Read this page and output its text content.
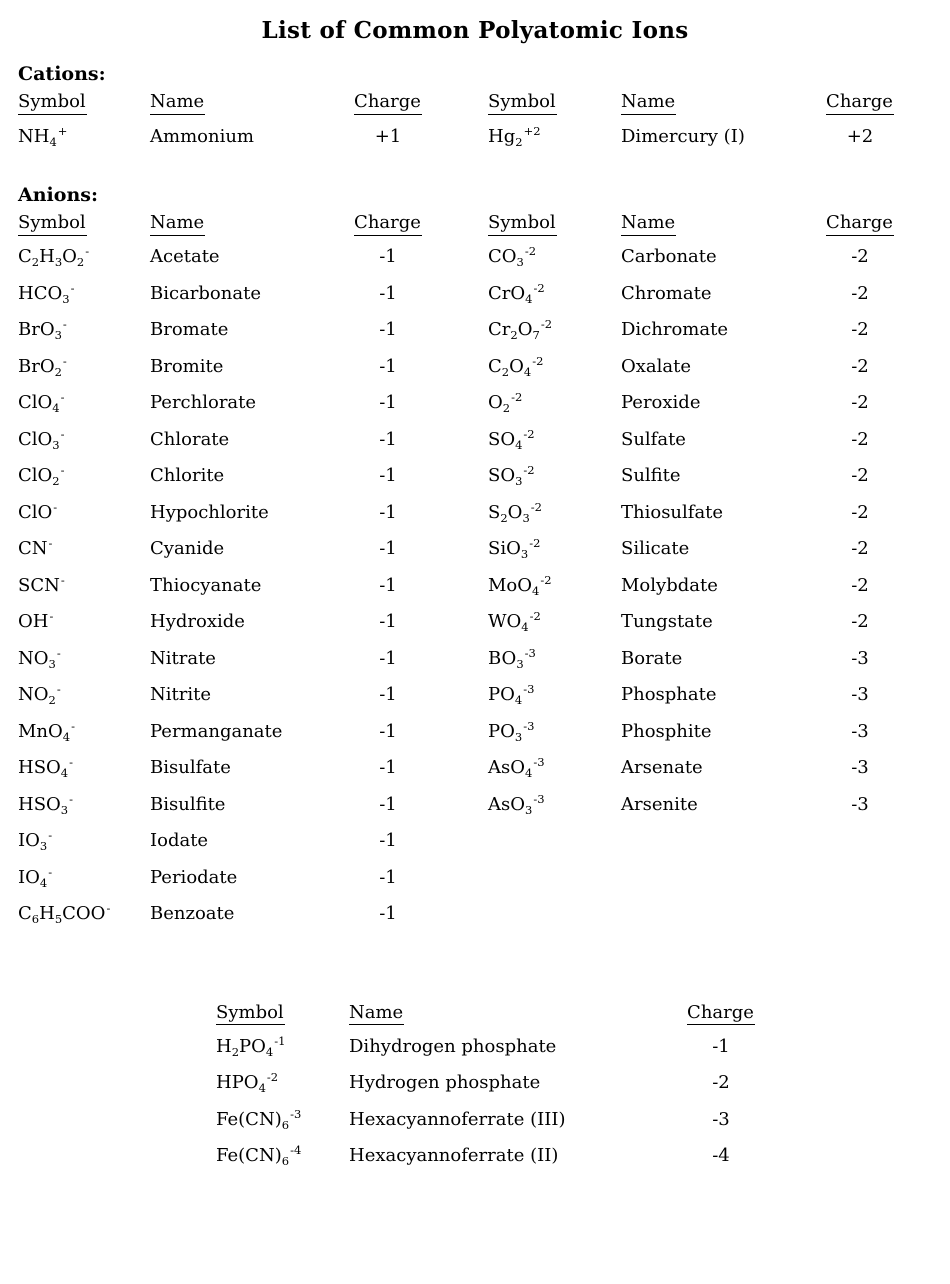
List of Common Polyatomic Ions
Cations:
Symbol	Name	Charge	Symbol	Name	Charge
$NH_4^+$	Ammonium	+1	$Hg_2^{+2}$	Dimercury (I)	+2
Anions:
Symbol	Name	Charge	Symbol	Name	Charge
$C_2H_3O_2^-$	Acetate	-1	$CO_3^{-2}$	Carbonate	-2
$HCO_3^-$	Bicarbonate	-1	CrO$_4^{-2}$	Chromate	-2
BrO$_3$-	Bromate	-1	$Cr_2O_7^{-2}$	Dichromate	-2
BrO$_2$-	Bromite	-1	$C_2O_4^{-2}$	Oxalate	-2
ClO$_4$-	Perchlorate	-1	$O_2^{-2}$	Peroxide	-2
ClO$_3$-	Chlorate	-1	$SO_4^{-2}$	Sulfate	-2
ClO$_2$-	Chlorite	-1	$SO_3^{-2}$	Sulfite	-2
ClO-	Hypochlorite	-1	$S_2O_3^{-2}$	Thiosulfate	-2
CN-	Cyanide	-1	SiO$_3^{-2}$	Silicate	-2
SCN-	Thiocyanate	-1	MoO$_4^{-2}$	Molybdate	-2
OH-	Hydroxide	-1	$WO_4^{-2}$	Tungstate	-2
$NO_3^-$	Nitrate	-1	$BO_3^{-3}$	Borate	-3
$NO_2^-$	Nitrite	-1	$PO_4^{-3}$	Phosphate	-3
MnO$_4$-	Permanganate	-1	$PO_3^{-3}$	Phosphite	-3
$HSO_4^-$	Bisulfate	-1	AsO$_4^{-3}$	Arsenate	-3
$HSO_3^-$	Bisulfite	-1	AsO$_3^{-3}$	Arsenite	-3
$IO_3^-$	Iodate	-1
$IO_4^-$	Periodate	-1
$C_6H_5COO^-$	Benzoate	-1
Symbol	Name	Charge
$H_2PO_4^{-1}$	Dihydrogen phosphate	-1
$HPO_4^{-2}$	Hydrogen phosphate	-2
$Fe(CN)_6^{-3}$	Hexacyannoferrate (III)	-3
$Fe(CN)_6^{-4}$	Hexacyannoferrate (II)	-4
